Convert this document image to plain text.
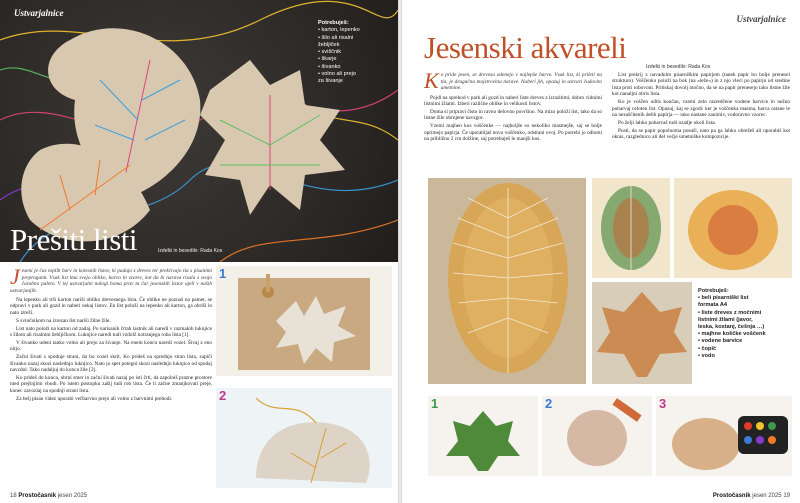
Ustvarjalnice
Potrebuješ:
• karton, lepenko
• šilo ali risalni
žebljiček
• sviščnik
• škarje
• šivanko
• volno ali prejo
za šivanje
Prešiti listi	Izdelki in besedilo: Rada Kos
Jeseni je čas toplih barv in kolesnih listov, ki padajo z dreves ter prekrivajo tla s pisanimi preprogami. Vsak list ima svojo obliko, barvo in vzorec, kot da bi narava risala s svojo čarobno paleto. V tej ustvarjalni nalogi boma prav ta čar jesenskih listov ujeli v naših ustvarjanjih.

Na lepenko ali trši karton nariši obliko drevesnega lista. Če oblike ne poznaš na pamet, se odpravi v park ali gozd in naberi nekaj listov. En list položi na lepenko ali karton, ga obriši in nato izreži.

S svinčnikom na izrezan list nariši žilne žile.

List nato položi na karton od zadaj. Po narisanih črtah lastnik ali naredi v razmakih luknjice s šilom ali risalnim žebljičkom. Luknjice naredi tudi vzdolž notranjega roba lista [1].

V šivanko udeni tanko volno ali prejo za šivanje. Na enem koncu naredi vozel. Šivaj z eno nitjo.

Začni šivati s spodnje strani, da bo vozel skrit. Ko prideš na sprednjo stran lista, zapiči šivanko nazaj skozi naslednjo luknjico. Nato jo spet potegni skozi naslednjo luknjico od spodaj navzdol. Tako nadaljuj do konca žile [2].

Ko prideš do konca, obrni smer in začni šivati nazaj po isti črti, da zapolniš prazne prostore med prejšnjimi vbodi. Po istem postopku zašij tudi rob lista. Če ti začne zmanjkovati preje, konec zavozlaj na spodnji strani lista.

Za belj pisan videz uporabi večbarvno prejo ali volno z barvnimi prehodi.

1
2
18 Prostočasnik jesen 2025
Ustvarjalnice
Jesenski akvareli
Izdelki in besedilo: Rada Kos
Ko pride jesen, se drevesa odenejo v najlepše barve. Vsak list, ki prileti na tla, je drugačna mojstrovina narave. Naberi jih, opazuj in ustvari čudovito umetnine.

Pojdi na sprehod v park ali gozd in naberi liste dreves z izrazitimi, dobro vidnimi listnimi žilami. Izberi različne oblike in velikosti listov.

Doma si pripravi čisto in ravno delovno površino. Na mizo položi list, tako da so listne žile obrnjene navzgor.

Vzemi majhen kos voščenke — najboljše so nekoliko mastnejše, saj se bolje oprimejo papirja. Če uporabljaš novo voščenko, odstrani ovoj. Po potrebi jo odlomi na približno 2 cm dolžine, saj potrebuješ le manjši kos.

List prekrij z navadnim pisarniškim papirjem (tanek papir bo bolje prenesel strukturo). Voščenko položi na bok (na «leže») in z njo vleci po papirju od sredine lista proti robovom. Pritiskaj dovolj močno, da se na papir prenesejo tako listne žile kot nanaljni obris lista.

Ko je voščen odtis končan, vzemi zelo razredčene vodene barvice in nežno pobarvaj celoten list. Opazuj, kaj se zgodi: ker je voščenka mastna, barva ostane le na nezaščitenih delih papirja — tako nastane zanimiv, vodoravno vzorec.

Po želji lahko pobarvaš tudi ozadje okoli lista.

Pusti, da se papir popolnoma posuši, nato pa ga lahko obrežeš ali uporabiš kot okras, razglednico ali del večje umetniške kompozicije.

Potrebuješ:
• beli pisarniški list
formata A4
• liste dreves z močnimi
listnimi žilami (javor,
leska, kostanj, češnja …)
• majhne koščke voščenk
• vodene barvice
• čopič
• vodo
1	2	3
Prostočasnik jesen 2025 19
